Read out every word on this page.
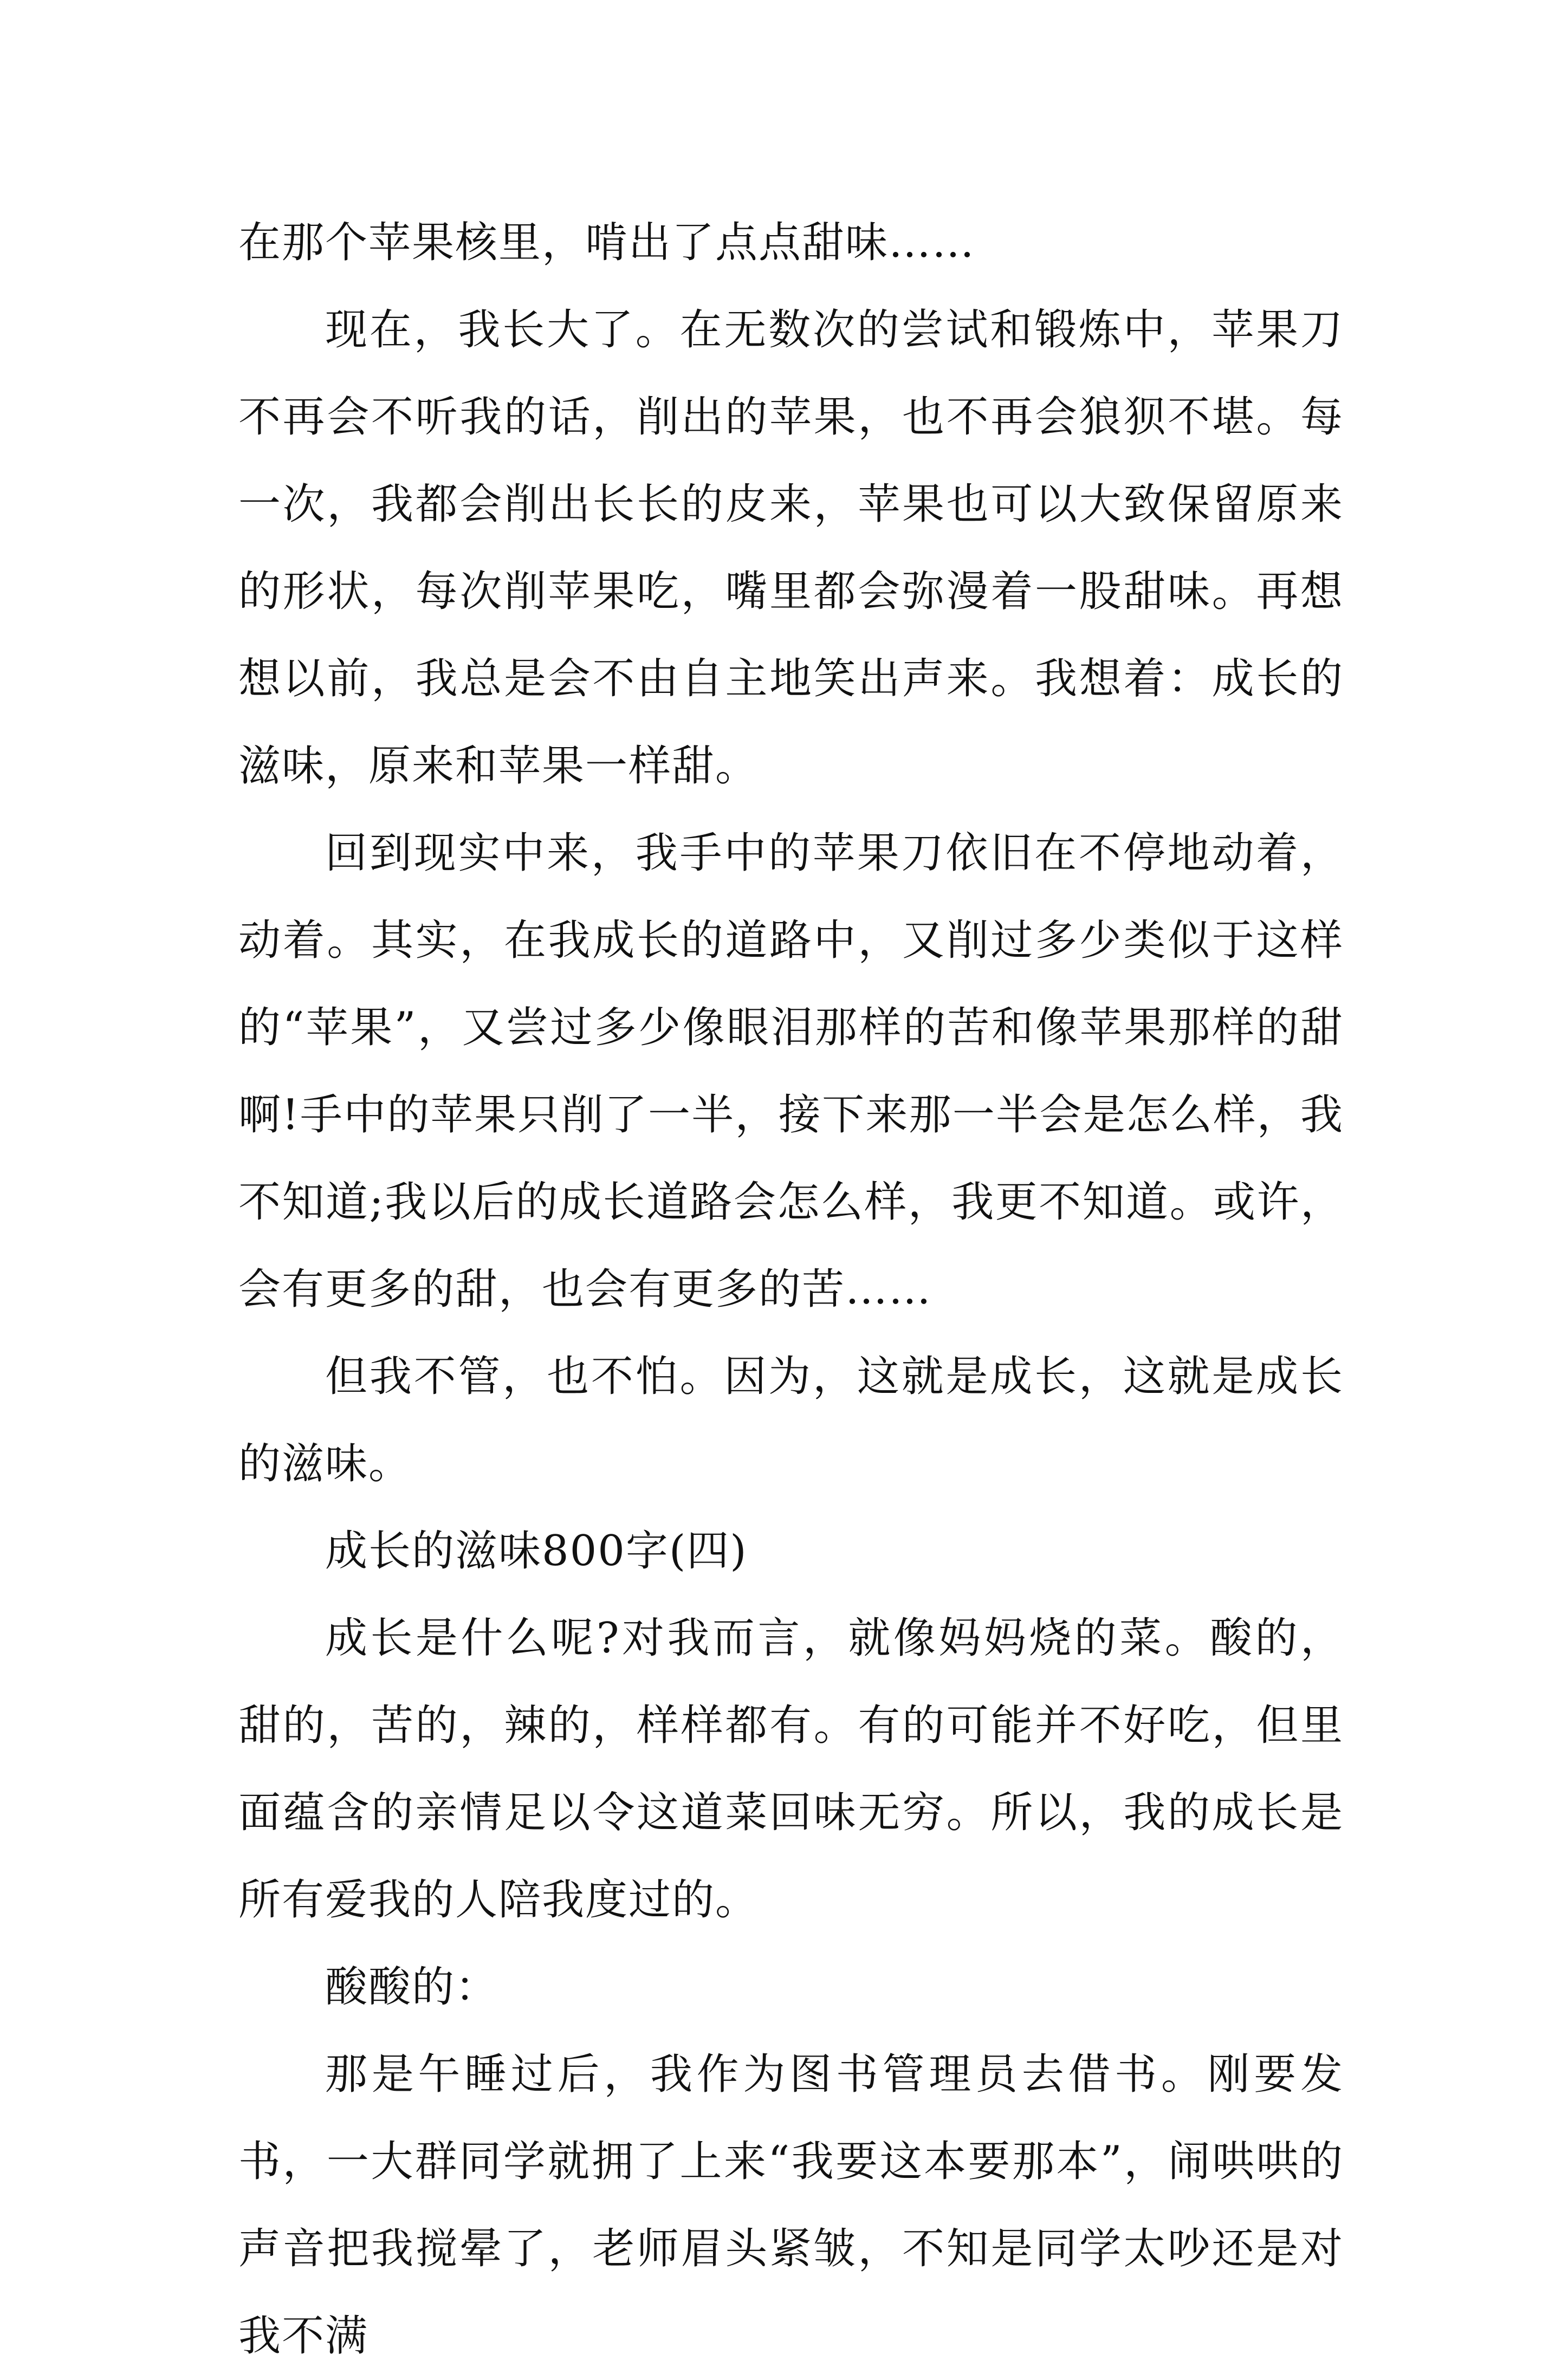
在那个苹果核里，啃出了点点甜味……

现在，我长大了。在无数次的尝试和锻炼中，苹果刀不再会不听我的话，削出的苹果，也不再会狼狈不堪。每一次，我都会削出长长的皮来，苹果也可以大致保留原来的形状，每次削苹果吃，嘴里都会弥漫着一股甜味。再想想以前，我总是会不由自主地笑出声来。我想着：成长的滋味，原来和苹果一样甜。

回到现实中来，我手中的苹果刀依旧在不停地动着，动着。其实，在我成长的道路中，又削过多少类似于这样的“苹果”，又尝过多少像眼泪那样的苦和像苹果那样的甜啊!手中的苹果只削了一半，接下来那一半会是怎么样，我不知道;我以后的成长道路会怎么样，我更不知道。或许，会有更多的甜，也会有更多的苦……

但我不管，也不怕。因为，这就是成长，这就是成长的滋味。

成长的滋味800字(四)

成长是什么呢?对我而言，就像妈妈烧的菜。酸的，甜的，苦的，辣的，样样都有。有的可能并不好吃，但里面蕴含的亲情足以令这道菜回味无穷。所以，我的成长是所有爱我的人陪我度过的。

酸酸的：

那是午睡过后，我作为图书管理员去借书。刚要发书，一大群同学就拥了上来“我要这本要那本”，闹哄哄的声音把我搅晕了，老师眉头紧皱，不知是同学太吵还是对我不满
